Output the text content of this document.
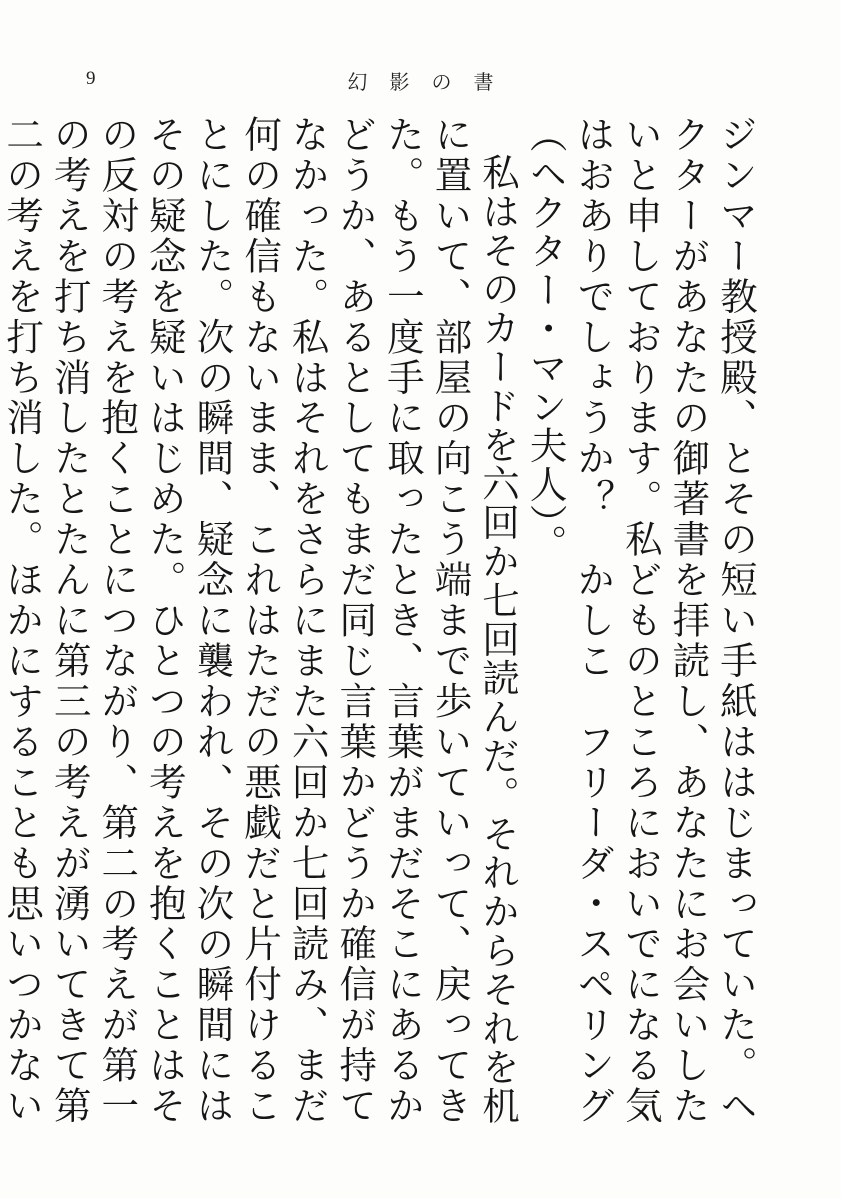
9	幻影の書

ジンマー教授殿、とその短い手紙ははじまっていた。ヘクターがあなたの御著書を拝読し、あなたにお会いしたいと申しております。私どものところにおいでになる気はおありでしょうか？　かしこ　フリーダ・スペリング（ヘクター・マン夫人）。

私はそのカードを六回か七回読んだ。それからそれを机に置いて、部屋の向こう端まで歩いていって、戻ってきた。もう一度手に取ったとき、言葉がまだそこにあるかどうか、あるとしてもまだ同じ言葉かどうか確信が持てなかった。私はそれをさらにまた六回か七回読み、まだ何の確信もないまま、これはただの悪戯だと片付けることにした。次の瞬間、疑念に襲われ、その次の瞬間にはその疑念を疑いはじめた。ひとつの考えを抱くことはその反対の考えを抱くことにつながり、第二の考えが第一の考えを打ち消したとたんに第三の考えが湧いてきて第二の考えを打ち消した。ほかにすることも思いつかない
